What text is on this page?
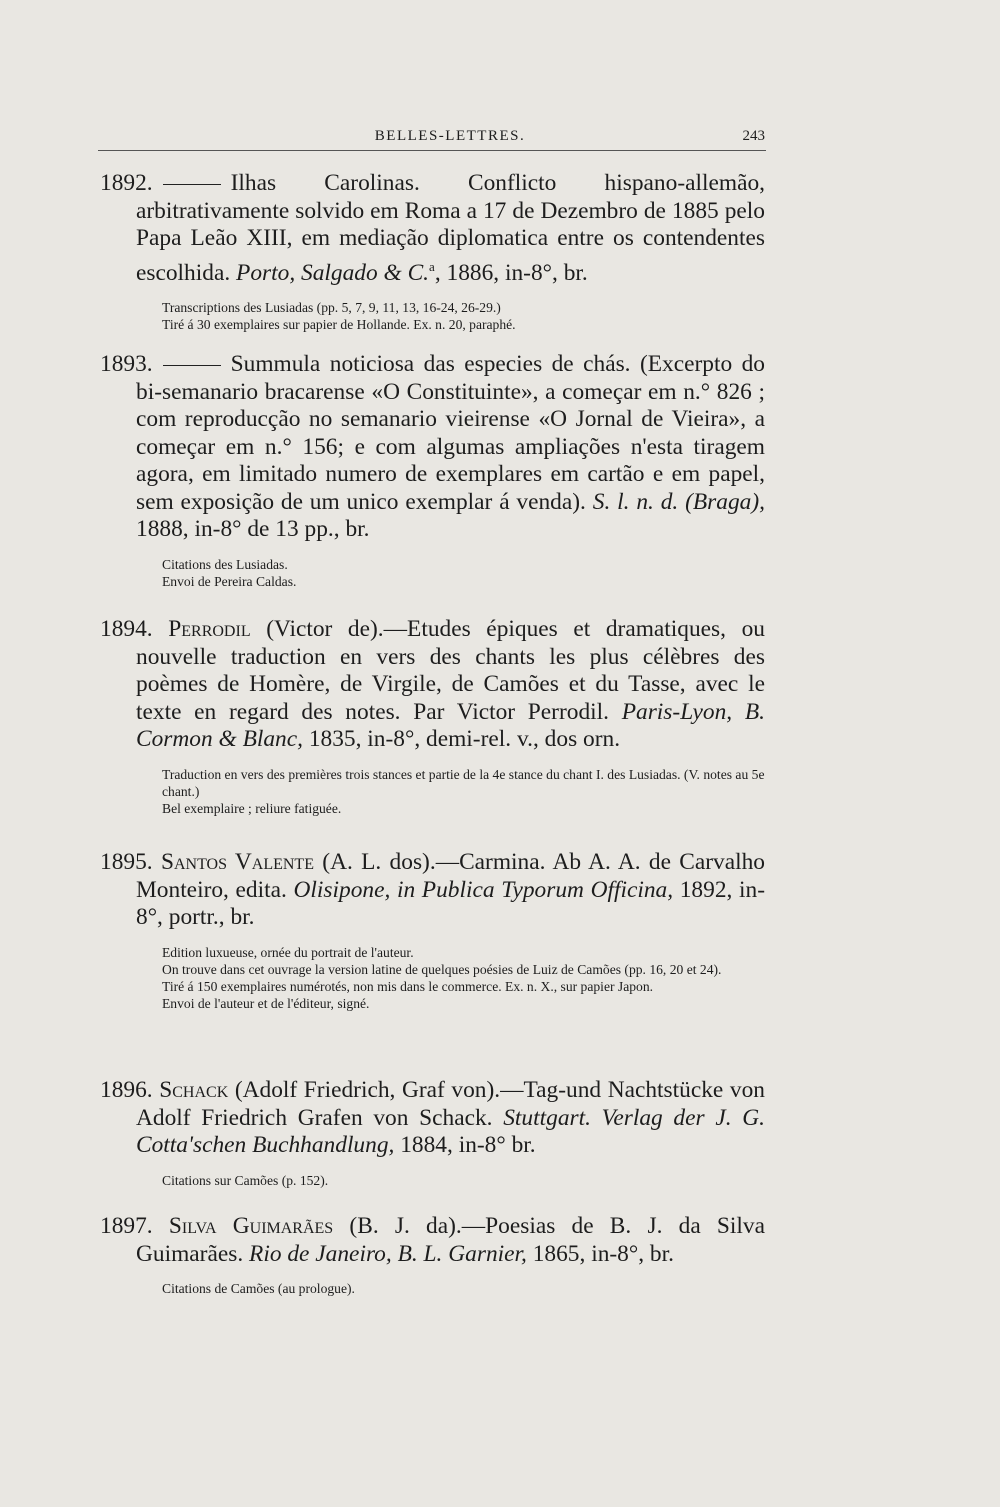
BELLES-LETTRES.	243
1892.	Ilhas Carolinas. Conflicto hispano-allemão, arbitrativamente solvido em Roma a 17 de Dezembro de 1885 pelo Papa Leão XIII, em mediação diplomatica entre os contendentes escolhida. Porto, Salgado & C.$^a$, 1886, in-8°, br.
Transcriptions des Lusiadas (pp. 5, 7, 9, 11, 13, 16-24, 26-29.)
Tiré á 30 exemplaires sur papier de Hollande. Ex. n. 20, paraphé.
1893.	Summula noticiosa das especies de chás. (Excerpto do bi-semanario bracarense «O Constituinte», a começar em n.° 826 ; com reproducção no semanario vieirense «O Jornal de Vieira», a começar em n.° 156; e com algumas ampliações n'esta tiragem agora, em limitado numero de exemplares em cartão e em papel, sem exposição de um unico exemplar á venda). S. l. n. d. (Braga), 1888, in-8° de 13 pp., br.
Citations des Lusiadas.
Envoi de Pereira Caldas.
1894. Perrodil (Victor de).—Etudes épiques et dramatiques, ou nouvelle traduction en vers des chants les plus célèbres des poèmes de Homère, de Virgile, de Camões et du Tasse, avec le texte en regard des notes. Par Victor Perrodil. Paris-Lyon, B. Cormon & Blanc, 1835, in-8°, demi-rel. v., dos orn.
Traduction en vers des premières trois stances et partie de la 4e stance du chant I. des Lusiadas. (V. notes au 5e chant.)
Bel exemplaire ; reliure fatiguée.
1895. Santos Valente (A. L. dos).—Carmina. Ab A. A. de Carvalho Monteiro, edita. Olisipone, in Publica Typorum Officina, 1892, in-8°, portr., br.
Edition luxueuse, ornée du portrait de l'auteur.
On trouve dans cet ouvrage la version latine de quelques poésies de Luiz de Camões (pp. 16, 20 et 24).
Tiré á 150 exemplaires numérotés, non mis dans le commerce. Ex. n. X., sur papier Japon.
Envoi de l'auteur et de l'éditeur, signé.
1896. Schack (Adolf Friedrich, Graf von).—Tag-und Nachtstücke von Adolf Friedrich Grafen von Schack. Stuttgart. Verlag der J. G. Cotta'schen Buchhandlung, 1884, in-8° br.
Citations sur Camões (p. 152).
1897. Silva Guimarães (B. J. da).—Poesias de B. J. da Silva Guimarães. Rio de Janeiro, B. L. Garnier, 1865, in-8°, br.
Citations de Camões (au prologue).
